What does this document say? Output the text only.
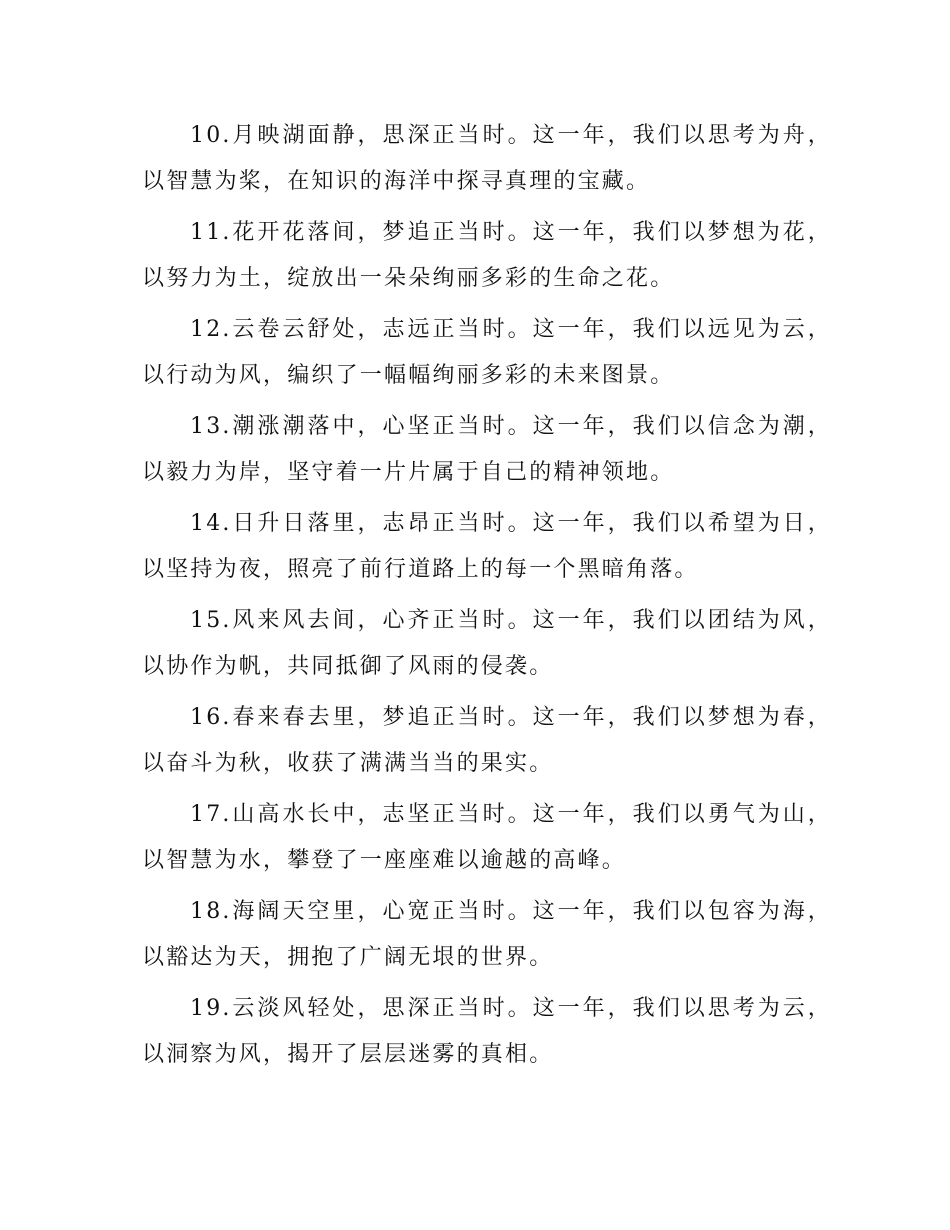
10.月映湖面静，思深正当时。这一年，我们以思考为舟，以智慧为桨，在知识的海洋中探寻真理的宝藏。

11.花开花落间，梦追正当时。这一年，我们以梦想为花，以努力为土，绽放出一朵朵绚丽多彩的生命之花。

12.云卷云舒处，志远正当时。这一年，我们以远见为云，以行动为风，编织了一幅幅绚丽多彩的未来图景。

13.潮涨潮落中，心坚正当时。这一年，我们以信念为潮，以毅力为岸，坚守着一片片属于自己的精神领地。

14.日升日落里，志昂正当时。这一年，我们以希望为日，以坚持为夜，照亮了前行道路上的每一个黑暗角落。

15.风来风去间，心齐正当时。这一年，我们以团结为风，以协作为帆，共同抵御了风雨的侵袭。

16.春来春去里，梦追正当时。这一年，我们以梦想为春，以奋斗为秋，收获了满满当当的果实。

17.山高水长中，志坚正当时。这一年，我们以勇气为山，以智慧为水，攀登了一座座难以逾越的高峰。

18.海阔天空里，心宽正当时。这一年，我们以包容为海，以豁达为天，拥抱了广阔无垠的世界。

19.云淡风轻处，思深正当时。这一年，我们以思考为云，以洞察为风，揭开了层层迷雾的真相。
